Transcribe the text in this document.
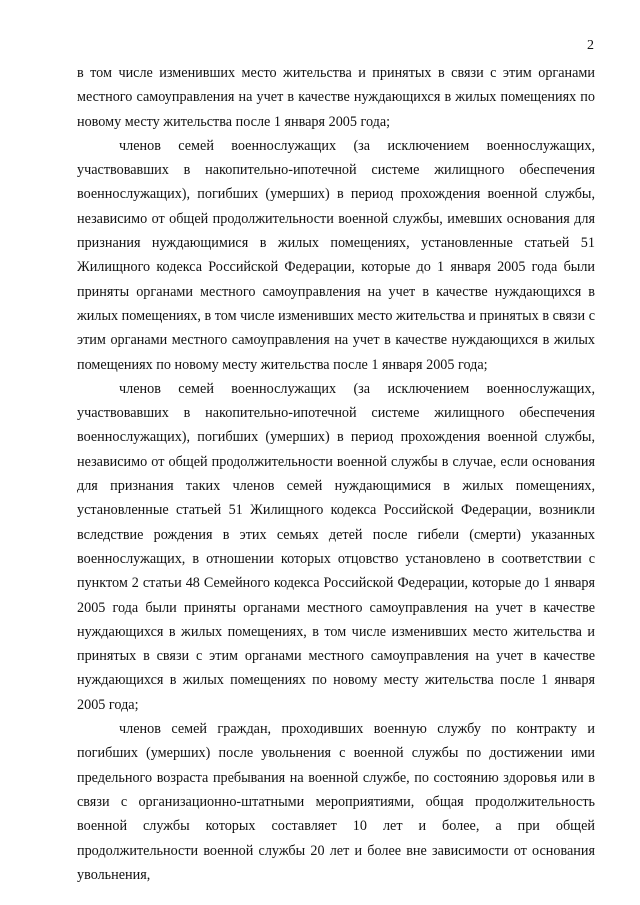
2

в том числе изменивших место жительства и принятых в связи с этим органами местного самоуправления на учет в качестве нуждающихся в жилых помещениях по новому месту жительства после 1 января 2005 года;

членов семей военнослужащих (за исключением военнослужащих, участвовавших в накопительно-ипотечной системе жилищного обеспечения военнослужащих), погибших (умерших) в период прохождения военной службы, независимо от общей продолжительности военной службы, имевших основания для признания нуждающимися в жилых помещениях, установленные статьей 51 Жилищного кодекса Российской Федерации, которые до 1 января 2005 года были приняты органами местного самоуправления на учет в качестве нуждающихся в жилых помещениях, в том числе изменивших место жительства и принятых в связи с этим органами местного самоуправления на учет в качестве нуждающихся в жилых помещениях по новому месту жительства после 1 января 2005 года;

членов семей военнослужащих (за исключением военнослужащих, участвовавших в накопительно-ипотечной системе жилищного обеспечения военнослужащих), погибших (умерших) в период прохождения военной службы, независимо от общей продолжительности военной службы в случае, если основания для признания таких членов семей нуждающимися в жилых помещениях, установленные статьей 51 Жилищного кодекса Российской Федерации, возникли вследствие рождения в этих семьях детей после гибели (смерти) указанных военнослужащих, в отношении которых отцовство установлено в соответствии с пунктом 2 статьи 48 Семейного кодекса Российской Федерации, которые до 1 января 2005 года были приняты органами местного самоуправления на учет в качестве нуждающихся в жилых помещениях, в том числе изменивших место жительства и принятых в связи с этим органами местного самоуправления на учет в качестве нуждающихся в жилых помещениях по новому месту жительства после 1 января 2005 года;

членов семей граждан, проходивших военную службу по контракту и погибших (умерших) после увольнения с военной службы по достижении ими предельного возраста пребывания на военной службе, по состоянию здоровья или в связи с организационно-штатными мероприятиями, общая продолжительность военной службы которых составляет 10 лет и более, а при общей продолжительности военной службы 20 лет и более вне зависимости от основания увольнения,
